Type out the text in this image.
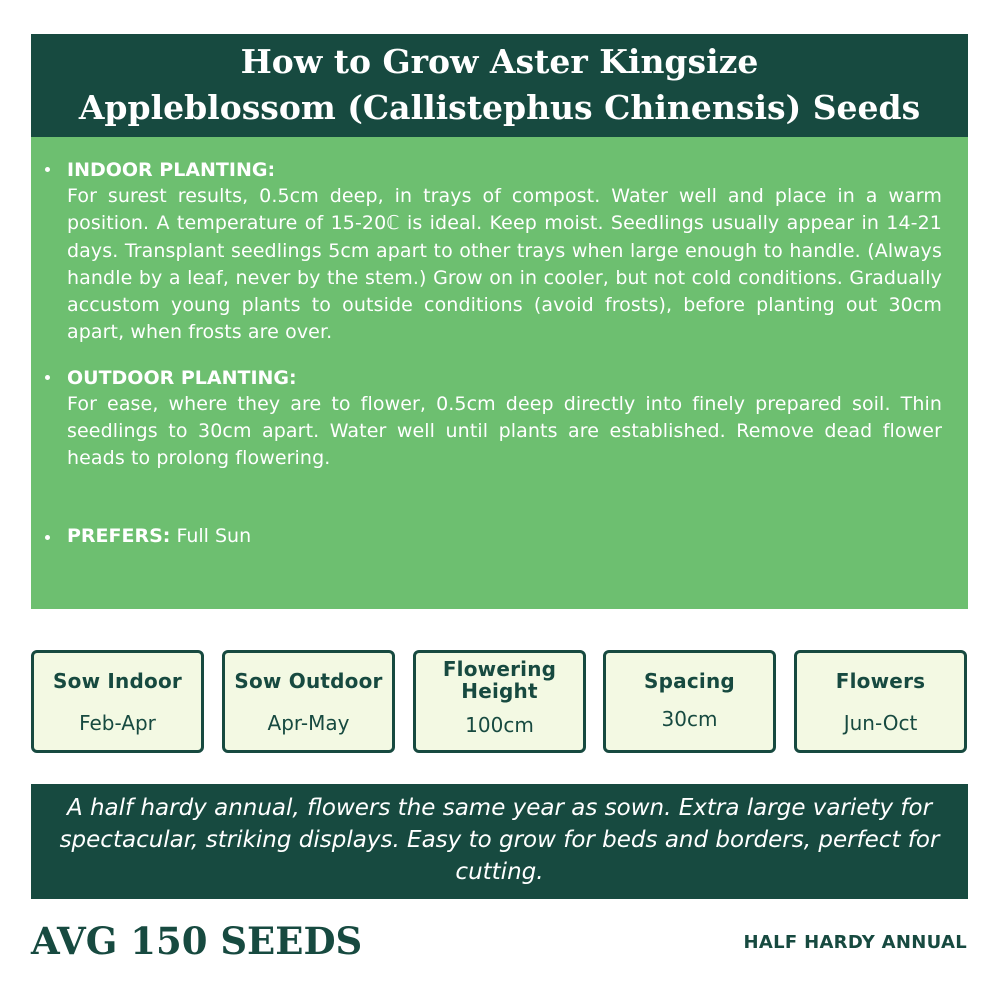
How to Grow Aster Kingsize
Appleblossom (Callistephus Chinensis) Seeds
INDOOR PLANTING:
For surest results, 0.5cm deep, in trays of compost. Water well and place in a warm position. A temperature of 15-20ℂ is ideal. Keep moist. Seedlings usually appear in 14-21 days. Transplant seedlings 5cm apart to other trays when large enough to handle. (Always handle by a leaf, never by the stem.) Grow on in cooler, but not cold conditions. Gradually accustom young plants to outside conditions (avoid frosts), before planting out 30cm apart, when frosts are over.
OUTDOOR PLANTING:
For ease, where they are to flower, 0.5cm deep directly into finely prepared soil. Thin seedlings to 30cm apart. Water well until plants are established. Remove dead flower heads to prolong flowering.
PREFERS: Full Sun
Sow Indoor
Feb-Apr
Sow Outdoor
Apr-May
Flowering Height
100cm
Spacing
30cm
Flowers
Jun-Oct
A half hardy annual, flowers the same year as sown. Extra large variety for spectacular, striking displays. Easy to grow for beds and borders, perfect for cutting.
AVG 150 SEEDS	HALF HARDY ANNUAL
